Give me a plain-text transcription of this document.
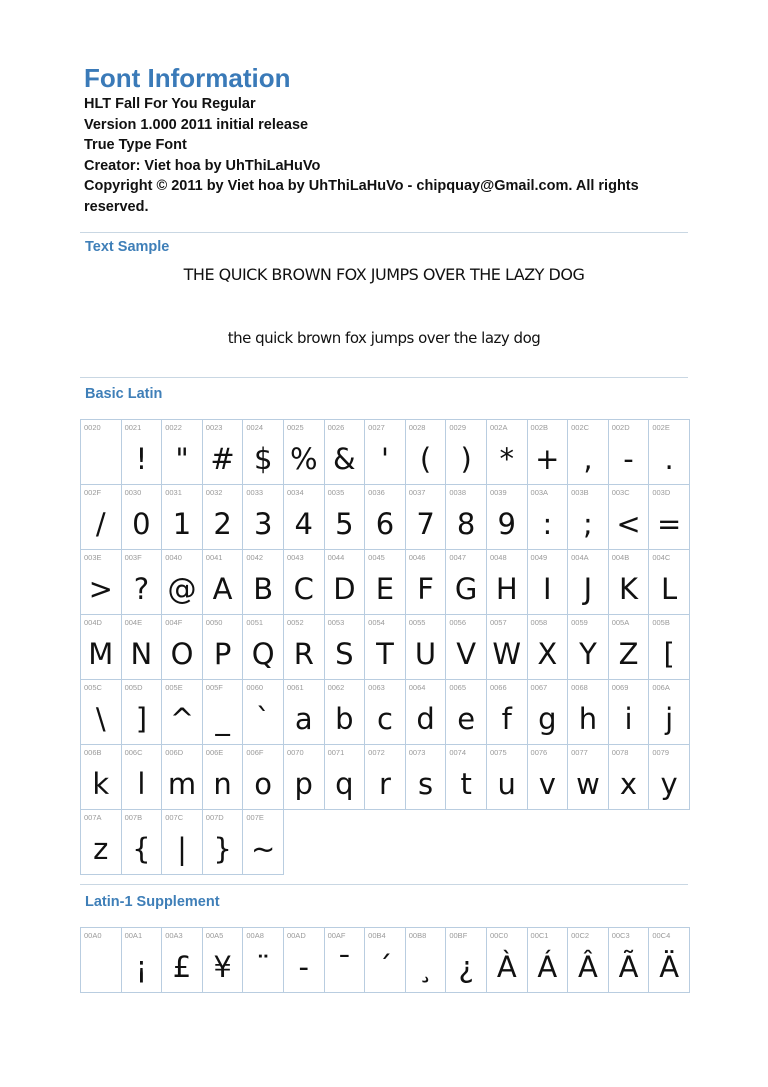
Font Information
HLT Fall For You Regular
Version 1.000 2011 initial release
True Type Font
Creator: Viet hoa by UhThiLaHuVo
Copyright © 2011 by Viet hoa by UhThiLaHuVo - chipquay@Gmail.com. All rights
reserved.
Text Sample
THE QUICK BROWN FOX JUMPS OVER THE LAZY DOG
the quick brown fox jumps over the lazy dog
Basic Latin
0020	0021
!
0022
"
0023
#
0024
$
0025
%
0026
&
0027
'
0028
(
0029
)
002A
*
002B
+
002C
,
002D
-
002E
.
002F
/
0030
0
0031
1
0032
2
0033
3
0034
4
0035
5
0036
6
0037
7
0038
8
0039
9
003A
:
003B
;
003C
<
003D
=
003E
>
003F
?
0040
@
0041
A
0042
B
0043
C
0044
D
0045
E
0046
F
0047
G
0048
H
0049
I
004A
J
004B
K
004C
L
004D
M
004E
N
004F
O
0050
P
0051
Q
0052
R
0053
S
0054
T
0055
U
0056
V
0057
W
0058
X
0059
Y
005A
Z
005B
[
005C
\
005D
]
005E
^
005F
_
0060
`
0061
a
0062
b
0063
c
0064
d
0065
e
0066
f
0067
g
0068
h
0069
i
006A
j
006B
k
006C
l
006D
m
006E
n
006F
o
0070
p
0071
q
0072
r
0073
s
0074
t
0075
u
0076
v
0077
w
0078
x
0079
y
007A
z
007B
{
007C
|
007D
}
007E
~
Latin-1 Supplement
00A0	00A1
¡
00A3
£
00A5
¥
00A8
¨
00AD
-
00AF
¯
00B4
´
00B8
¸
00BF
¿
00C0
À
00C1
Á
00C2
Â
00C3
Ã
00C4
Ä
